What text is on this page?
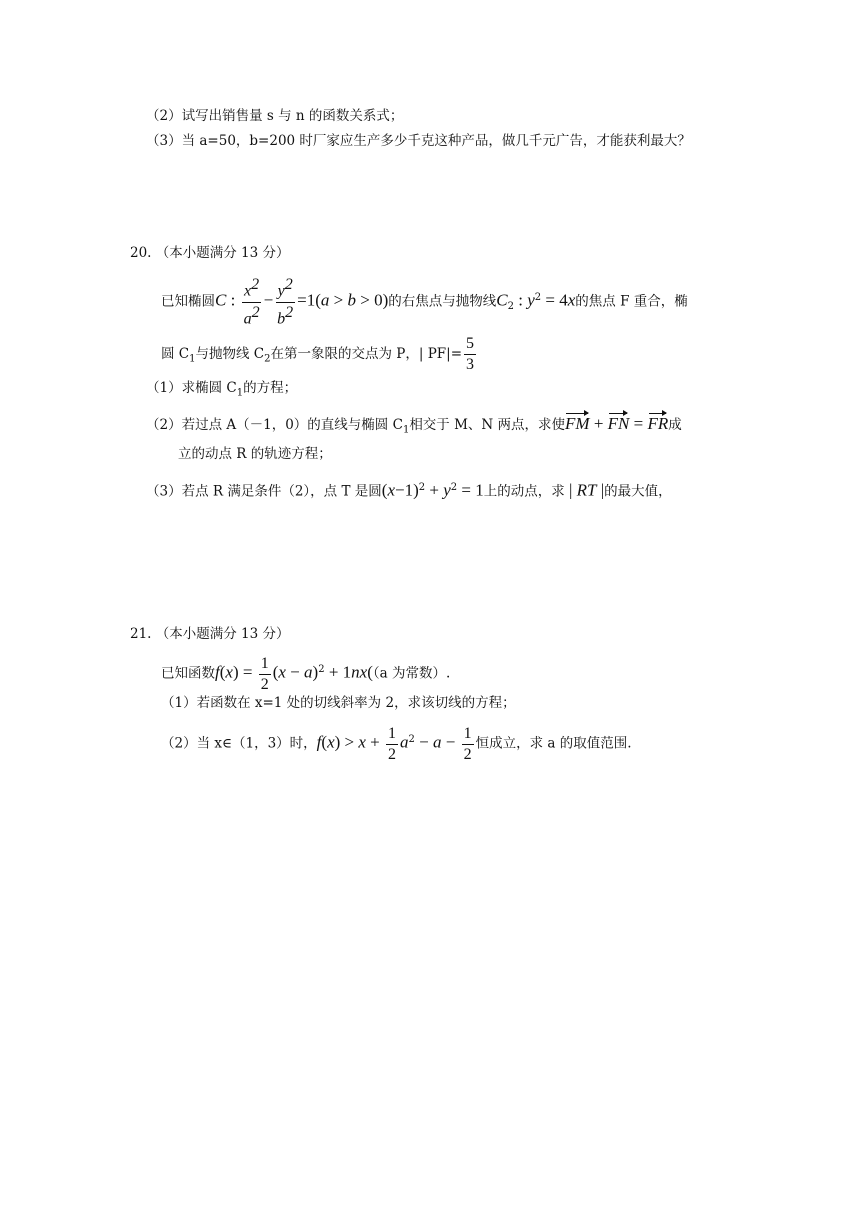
（2）试写出销售量 s 与 n 的函数关系式；
（3）当 a=50，b=200 时厂家应生产多少千克这种产品，做几千元广告，才能获利最大？
20. （本小题满分 13 分）
已知椭圆C : $\frac{x2}{a2} - \frac{y2}{b2} =1(a > b > 0)$的右焦点与抛物线$C_2$ : $y^2 = 4x$的焦点 F 重合，椭
圆 $C_1$与抛物线 $C_2$在第一象限的交点为 P，| $PF|= \frac{5}{3}$
（1）求椭圆 $C_1$的方程；
（2）若过点 A（－1，0）的直线与椭圆 $C_1$相交于 M、N 两点，求使FM + FN = FR成
立的动点 R 的轨迹方程；
（3）若点 R 满足条件（2），点 T 是圆$(x-1)^2 + y^2 = 1$上的动点，求 | RT |的最大值，
21. （本小题满分 13 分）
已知函数$f(x) = \frac{1}{2} (x - a)^2 + 1nx((a$ 为常数）.
（1）若函数在 x=1 处的切线斜率为 2，求该切线的方程；
（2）当 x∈（1，3）时，$f(x) > x + \frac{1}{2} a^2 - a - \frac{1}{2}$ 恒成立，求 a 的取值范围.
